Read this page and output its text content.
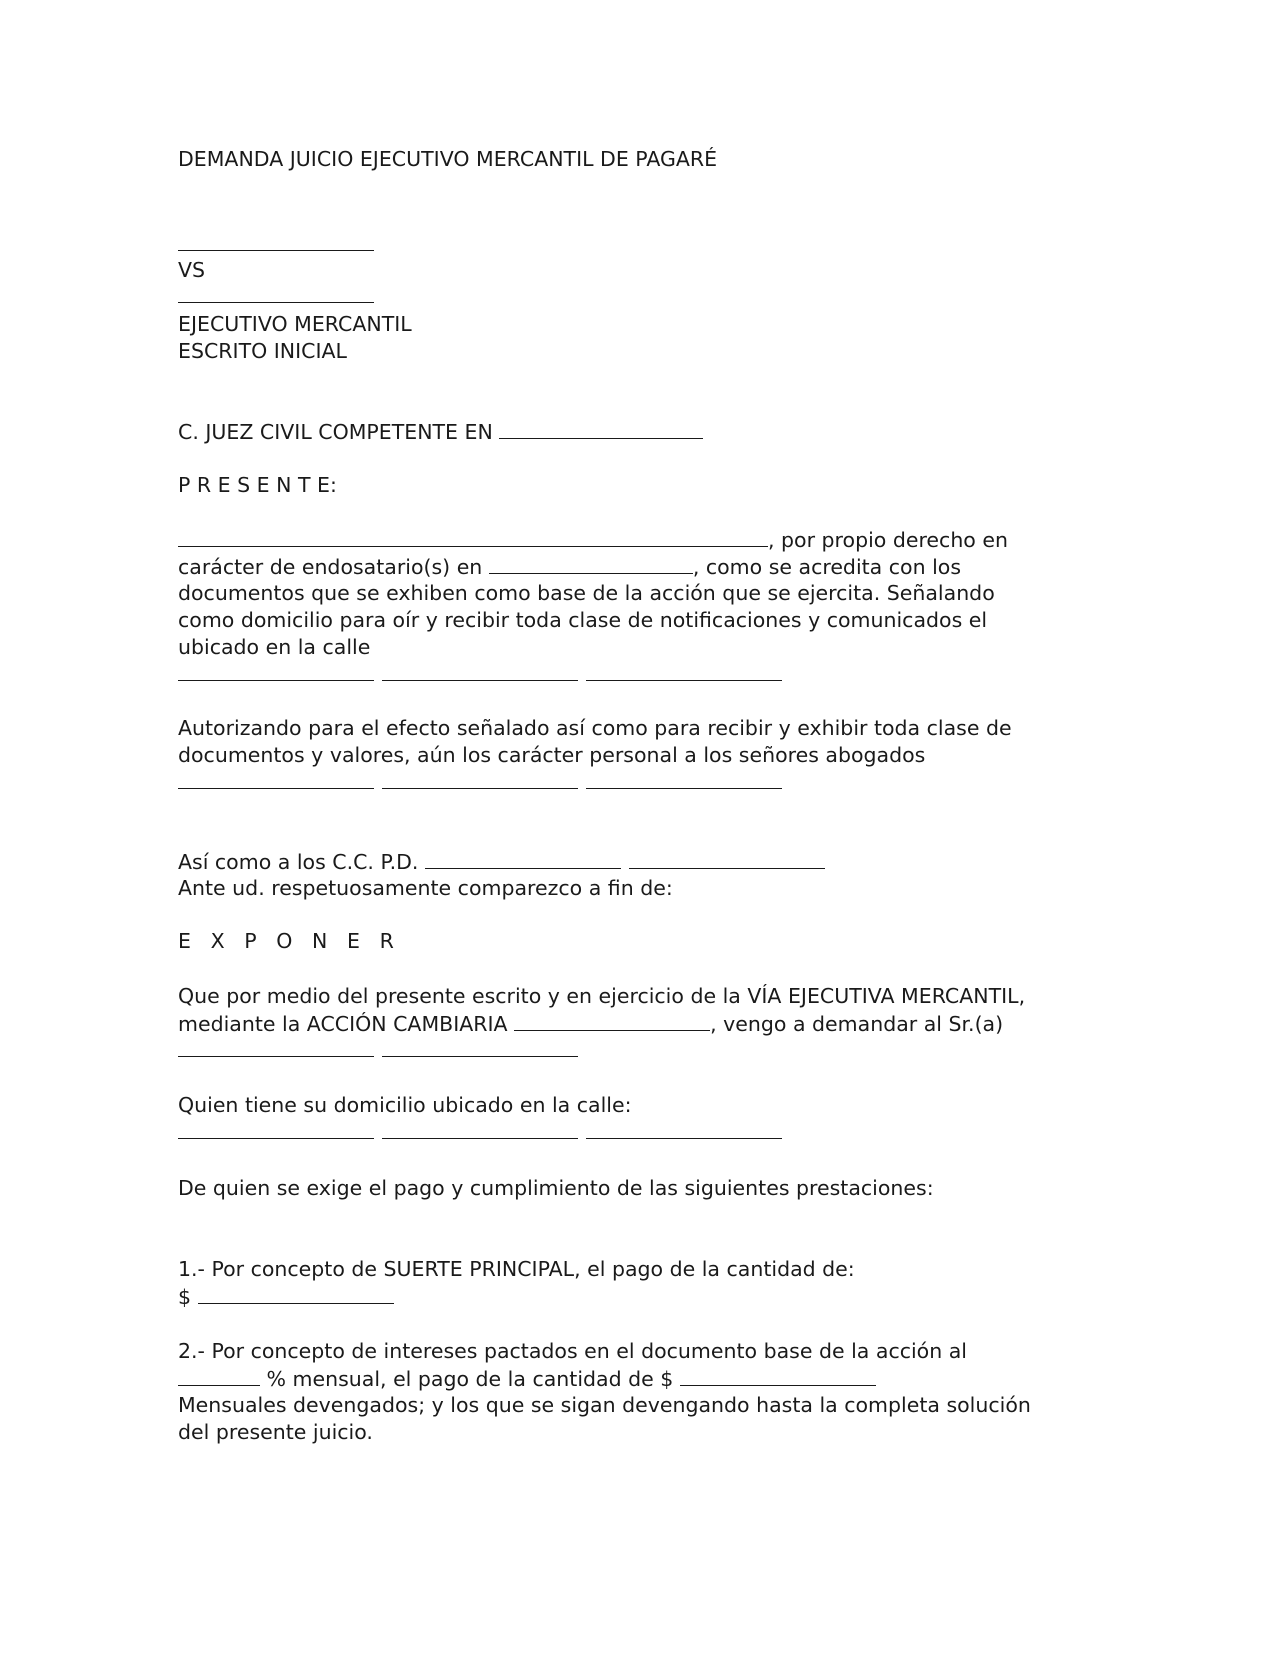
DEMANDA JUICIO EJECUTIVO MERCANTIL DE PAGARÉ
VS
EJECUTIVO MERCANTIL
ESCRITO INICIAL
C. JUEZ CIVIL COMPETENTE EN
P R E S E N T E:
, por propio derecho en
carácter de endosatario(s) en	, como se acredita con los
documentos que se exhiben como base de la acción que se ejercita. Señalando
como domicilio para oír y recibir toda clase de notificaciones y comunicados el
ubicado en la calle
Autorizando para el efecto señalado así como para recibir y exhibir toda clase de
documentos y valores, aún los carácter personal a los señores abogados
Así como a los C.C. P.D.
Ante ud. respetuosamente comparezco a fin de:
E X P O N E R
Que por medio del presente escrito y en ejercicio de la VÍA EJECUTIVA MERCANTIL,
mediante la ACCIÓN CAMBIARIA	, vengo a demandar al Sr.(a)
Quien tiene su domicilio ubicado en la calle:
De quien se exige el pago y cumplimiento de las siguientes prestaciones:
1.- Por concepto de SUERTE PRINCIPAL, el pago de la cantidad de:
$
2.- Por concepto de intereses pactados en el documento base de la acción al
% mensual, el pago de la cantidad de $
Mensuales devengados; y los que se sigan devengando hasta la completa solución
del presente juicio.
